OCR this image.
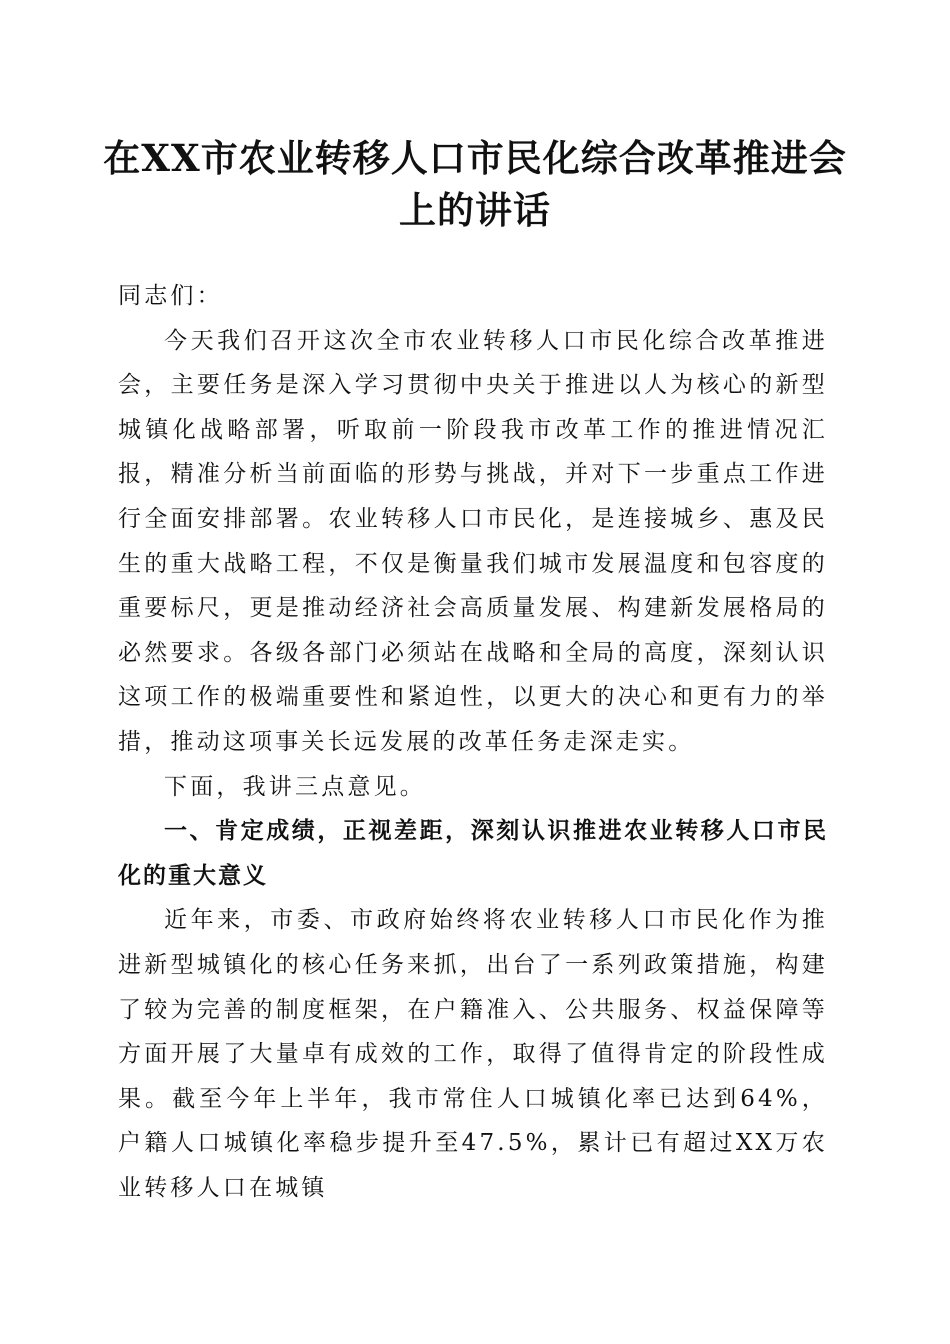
在XX市农业转移人口市民化综合改革推进会
上的讲话

同志们：

今天我们召开这次全市农业转移人口市民化综合改革推进会，主要任务是深入学习贯彻中央关于推进以人为核心的新型城镇化战略部署，听取前一阶段我市改革工作的推进情况汇报，精准分析当前面临的形势与挑战，并对下一步重点工作进行全面安排部署。农业转移人口市民化，是连接城乡、惠及民生的重大战略工程，不仅是衡量我们城市发展温度和包容度的重要标尺，更是推动经济社会高质量发展、构建新发展格局的必然要求。各级各部门必须站在战略和全局的高度，深刻认识这项工作的极端重要性和紧迫性，以更大的决心和更有力的举措，推动这项事关长远发展的改革任务走深走实。

下面，我讲三点意见。

一、肯定成绩，正视差距，深刻认识推进农业转移人口市民化的重大意义

近年来，市委、市政府始终将农业转移人口市民化作为推进新型城镇化的核心任务来抓，出台了一系列政策措施，构建了较为完善的制度框架，在户籍准入、公共服务、权益保障等方面开展了大量卓有成效的工作，取得了值得肯定的阶段性成果。截至今年上半年，我市常住人口城镇化率已达到64%，户籍人口城镇化率稳步提升至47.5%，累计已有超过XX万农业转移人口在城镇
